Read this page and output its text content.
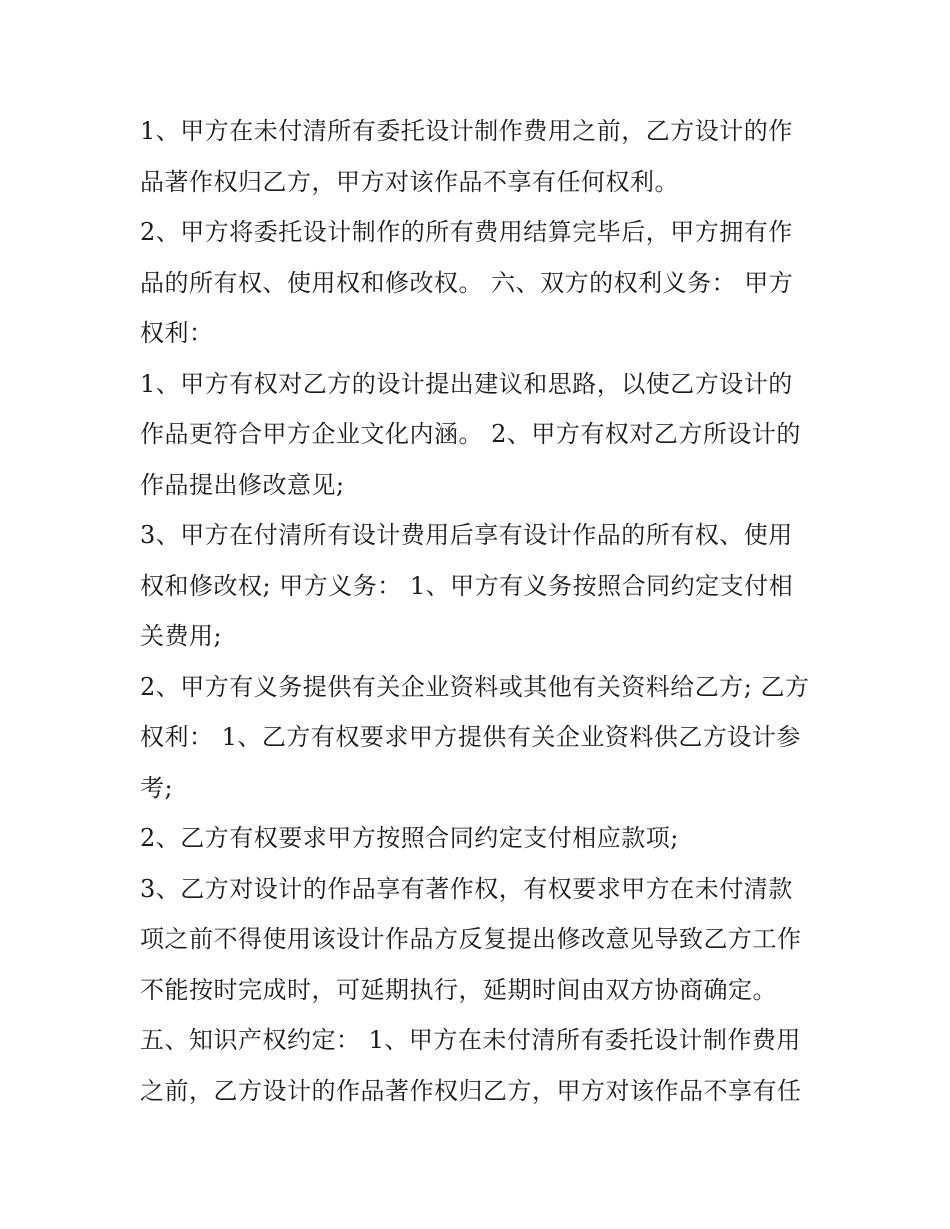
1、甲方在未付清所有委托设计制作费用之前，乙方设计的作品著作权归乙方，甲方对该作品不享有任何权利。

2、甲方将委托设计制作的所有费用结算完毕后，甲方拥有作品的所有权、使用权和修改权。 六、双方的权利义务： 甲方权利：

1、甲方有权对乙方的设计提出建议和思路，以使乙方设计的作品更符合甲方企业文化内涵。 2、甲方有权对乙方所设计的作品提出修改意见;

3、甲方在付清所有设计费用后享有设计作品的所有权、使用权和修改权; 甲方义务： 1、甲方有义务按照合同约定支付相关费用;

2、甲方有义务提供有关企业资料或其他有关资料给乙方; 乙方权利： 1、乙方有权要求甲方提供有关企业资料供乙方设计参考;

2、乙方有权要求甲方按照合同约定支付相应款项;

3、乙方对设计的作品享有著作权，有权要求甲方在未付清款项之前不得使用该设计作品方反复提出修改意见导致乙方工作不能按时完成时，可延期执行，延期时间由双方协商确定。

五、知识产权约定： 1、甲方在未付清所有委托设计制作费用之前，乙方设计的作品著作权归乙方，甲方对该作品不享有任
